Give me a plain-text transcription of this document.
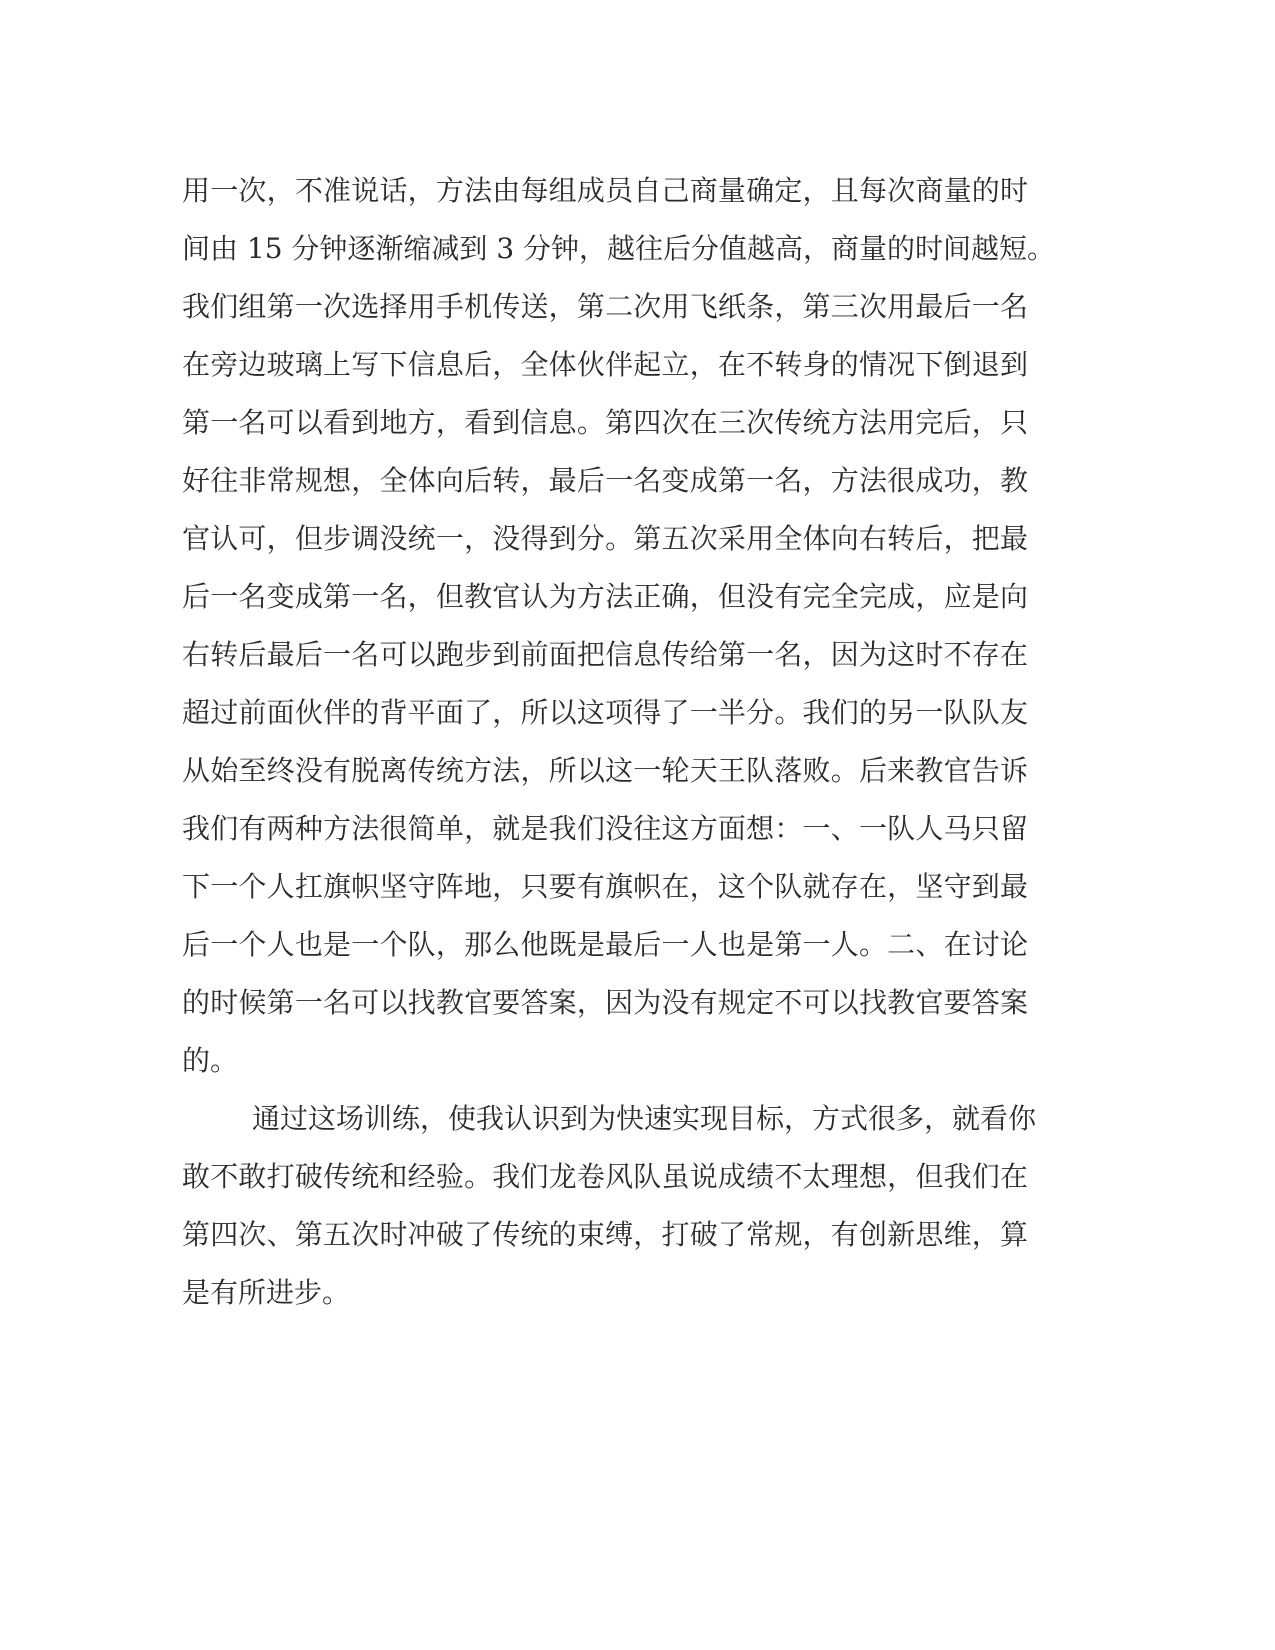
用一次，不准说话，方法由每组成员自己商量确定，且每次商量的时
间由 15 分钟逐渐缩减到 3 分钟，越往后分值越高，商量的时间越短。
我们组第一次选择用手机传送，第二次用飞纸条，第三次用最后一名
在旁边玻璃上写下信息后，全体伙伴起立，在不转身的情况下倒退到
第一名可以看到地方，看到信息。第四次在三次传统方法用完后，只
好往非常规想，全体向后转，最后一名变成第一名，方法很成功，教
官认可，但步调没统一，没得到分。第五次采用全体向右转后，把最
后一名变成第一名，但教官认为方法正确，但没有完全完成，应是向
右转后最后一名可以跑步到前面把信息传给第一名，因为这时不存在
超过前面伙伴的背平面了，所以这项得了一半分。我们的另一队队友
从始至终没有脱离传统方法，所以这一轮天王队落败。后来教官告诉
我们有两种方法很简单，就是我们没往这方面想：一、一队人马只留
下一个人扛旗帜坚守阵地，只要有旗帜在，这个队就存在，坚守到最
后一个人也是一个队，那么他既是最后一人也是第一人。二、在讨论
的时候第一名可以找教官要答案，因为没有规定不可以找教官要答案
的。
通过这场训练，使我认识到为快速实现目标，方式很多，就看你
敢不敢打破传统和经验。我们龙卷风队虽说成绩不太理想，但我们在
第四次、第五次时冲破了传统的束缚，打破了常规，有创新思维，算
是有所进步。
